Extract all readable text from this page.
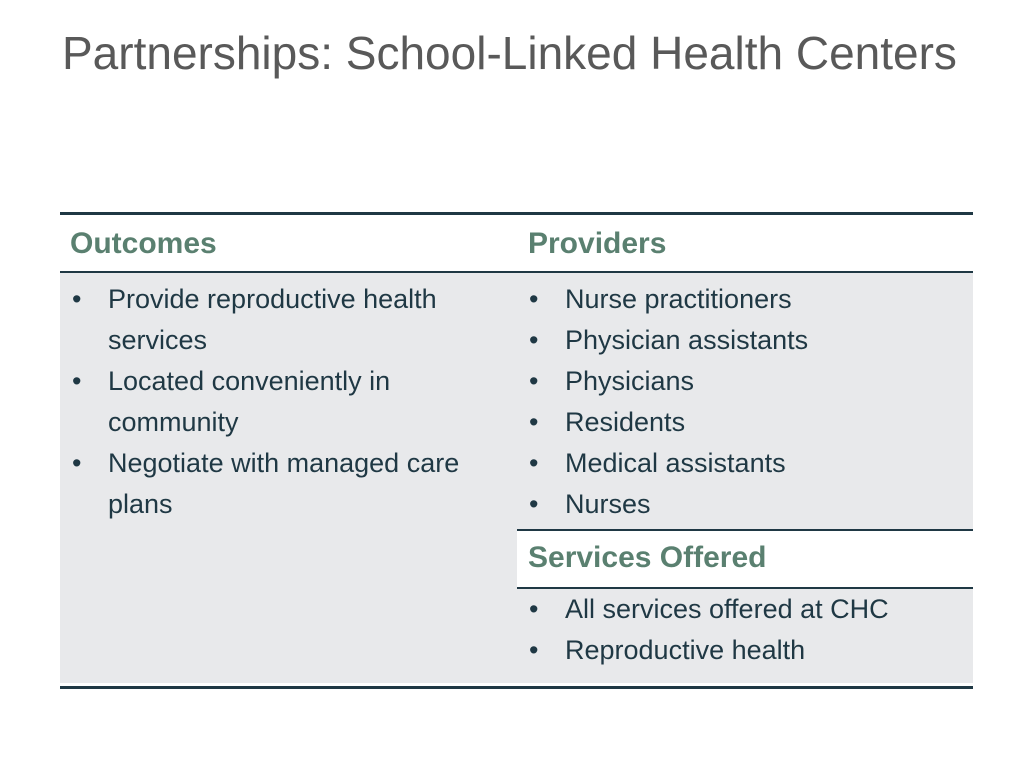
Partnerships: School-Linked Health Centers
Outcomes	Providers
• Provide reproductive health services
• Located conveniently in community
• Negotiate with managed care plans
• Nurse practitioners
• Physician assistants
• Physicians
• Residents
• Medical assistants
• Nurses
Services Offered
• All services offered at CHC
• Reproductive health
